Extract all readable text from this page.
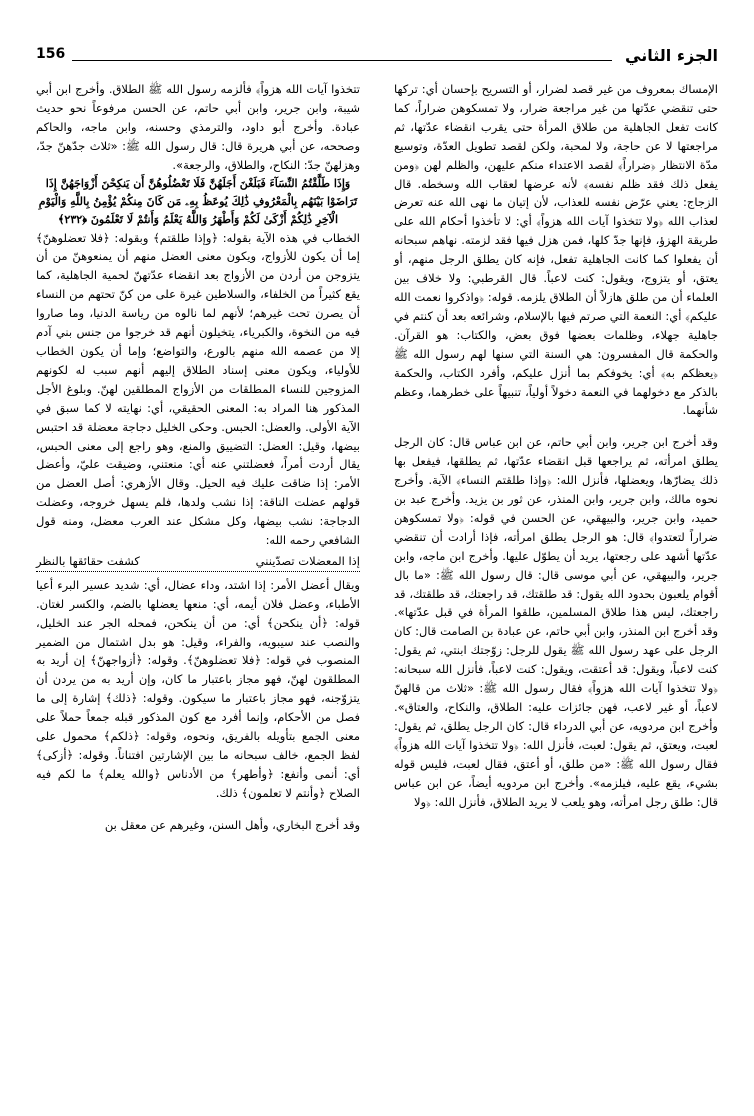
الجزء الثاني
156

الإمساك بمعروف من غير قصد لضرار، أو التسريح بإحسان أي: تركها حتى تنقضي عدّتها من غير مراجعة ضرار، ولا تمسكوهن ضراراً، كما كانت تفعل الجاهلية من طلاق المرأة حتى يقرب انقضاء عدّتها، ثم مراجعتها لا عن حاجة، ولا لمحبة، ولكن لقصد تطويل العدّة، وتوسيع مدّة الانتظار ﴿ضراراً﴾ لقصد الاعتداء منكم عليهن، والظلم لهن ﴿ومن يفعل ذلك فقد ظلم نفسه﴾ لأنه عرضها لعقاب الله وسخطه. قال الزجاج: يعني عرّض نفسه للعذاب، لأن إتيان ما نهى الله عنه تعرض لعذاب الله ﴿ولا تتخذوا آيات الله هزواً﴾ أي: لا تأخذوا أحكام الله على طريقة الهزؤ، فإنها جدّ كلها، فمن هزل فيها فقد لزمته. نهاهم سبحانه أن يفعلوا كما كانت الجاهلية تفعل، فإنه كان يطلق الرجل منهم، أو يعتق، أو يتزوج، ويقول: كنت لاعباً. قال القرطبي: ولا خلاف بين العلماء أن من طلق هازلاً أن الطلاق يلزمه. قوله: ﴿واذكروا نعمت الله عليكم﴾ أي: النعمة التي صرتم فيها بالإسلام، وشرائعه بعد أن كنتم في جاهلية جهلاء، وظلمات بعضها فوق بعض، والكتاب: هو القرآن. والحكمة قال المفسرون: هي السنة التي سنها لهم رسول الله ﷺ ﴿يعظكم به﴾ أي: يخوفكم بما أنزل عليكم، وأفرد الكتاب، والحكمة بالذكر مع دخولهما في النعمة دخولاً أولياً، تنبيهاً على خطرهما، وعظم شأنهما.

وقد أخرج ابن جرير، وابن أبي حاتم، عن ابن عباس قال: كان الرجل يطلق امرأته، ثم يراجعها قبل انقضاء عدّتها، ثم يطلقها، فيفعل بها ذلك يضارّها، ويعضلها، فأنزل الله: ﴿وإذا طلقتم النساء﴾ الآية. وأخرج نحوه مالك، وابن جرير، وابن المنذر، عن ثور بن يزيد. وأخرج عبد بن حميد، وابن جرير، والبيهقي، عن الحسن في قوله: ﴿ولا تمسكوهن ضراراً لتعتدوا﴾ قال: هو الرجل يطلق امرأته، فإذا أرادت أن تنقضي عدّتها أشهد على رجعتها، يريد أن يطوّل عليها. وأخرج ابن ماجه، وابن جرير، والبيهقي، عن أبي موسى قال: قال رسول الله ﷺ: «ما بال أقوام يلعبون بحدود الله يقول: قد طلقتك، قد راجعتك، قد طلقتك، قد راجعتك، ليس هذا طلاق المسلمين، طلقوا المرأة في قبل عدّتها». وقد أخرج ابن المنذر، وابن أبي حاتم، عن عبادة بن الصامت قال: كان الرجل على عهد رسول الله ﷺ يقول للرجل: زوّجتك ابنتي، ثم يقول: كنت لاعباً، ويقول: قد أعتقت، ويقول: كنت لاعباً، فأنزل الله سبحانه: ﴿ولا تتخذوا آيات الله هزواً﴾ فقال رسول الله ﷺ: «ثلاث من قالهنّ لاعباً، أو غير لاعب، فهن جائزات عليه: الطلاق، والنكاح، والعتاق». وأخرج ابن مردويه، عن أبي الدرداء قال: كان الرجل يطلق، ثم يقول: لعبت، ويعتق، ثم يقول: لعبت، فأنزل الله: ﴿ولا تتخذوا آيات الله هزواً﴾ فقال رسول الله ﷺ: «من طلق، أو أعتق، فقال لعبت، فليس قوله بشيء، يقع عليه، فيلزمه». وأخرج ابن مردويه أيضاً، عن ابن عباس قال: طلق رجل امرأته، وهو يلعب لا يريد الطلاق، فأنزل الله: ﴿ولا

تتخذوا آيات الله هزواً﴾ فألزمه رسول الله ﷺ الطلاق. وأخرج ابن أبي شيبة، وابن جرير، وابن أبي حاتم، عن الحسن مرفوعاً نحو حديث عبادة. وأخرج أبو داود، والترمذي وحسنه، وابن ماجه، والحاكم وصححه، عن أبي هريرة قال: قال رسول الله ﷺ: «ثلاث جدّهنّ جدّ، وهزلهنّ جدّ: النكاح، والطلاق، والرجعة».

وَإِذَا طَلَّقْتُمُ النِّسَآءَ فَبَلَغْنَ أَجَلَهُنَّ فَلَا تَعْضُلُوهُنَّ أَن يَنكِحْنَ أَزْوَاجَهُنَّ إِذَا تَرَاضَوْا بَيْنَهُم بِالْمَعْرُوفِ ذَٰلِكَ يُوعَظُ بِهِۦ مَن كَانَ مِنكُمْ يُؤْمِنُ بِاللَّهِ وَالْيَوْمِ الْآخِرِ ذَٰلِكُمْ أَزْكَىٰ لَكُمْ وَأَطْهَرُ وَاللَّهُ يَعْلَمُ وَأَنتُمْ لَا تَعْلَمُونَ ﴿٢٣٢﴾

الخطاب في هذه الآية بقوله: ﴿وإذا طلقتم﴾ وبقوله: ﴿فلا تعضلوهنّ﴾ إما أن يكون للأزواج، ويكون معنى العضل منهم أن يمنعوهنّ من أن يتزوجن من أردن من الأزواج بعد انقضاء عدّتهنّ لحمية الجاهلية، كما يقع كثيراً من الخلفاء، والسلاطين غيرة على من كنّ تحتهم من النساء أن يصرن تحت غيرهم؛ لأنهم لما نالوه من رياسة الدنيا، وما صاروا فيه من النخوة، والكبرياء، يتخيلون أنهم قد خرجوا من جنس بني آدم إلا من عصمه الله منهم بالورع، والتواضع؛ وإما أن يكون الخطاب للأولياء، ويكون معنى إسناد الطلاق إليهم أنهم سبب له لكونهم المزوجين للنساء المطلقات من الأزواج المطلقين لهنّ. وبلوغ الأجل المذكور هنا المراد به: المعنى الحقيقي، أي: نهايته لا كما سبق في الآية الأولى. والعضل: الحبس. وحكى الخليل دجاجة معضلة قد احتبس بيضها، وقيل: العضل: التضييق والمنع، وهو راجع إلى معنى الحبس، يقال أردت أمراً، فعضلتني عنه أي: منعتني، وضيقت عليّ، وأعضل الأمر: إذا ضاقت عليك فيه الحيل. وقال الأزهري: أصل العضل من قولهم عضلت الناقة: إذا نشب ولدها، فلم يسهل خروجه، وعضلت الدجاجة: نشب بيضها، وكل مشكل عند العرب معضل، ومنه قول الشافعي رحمه الله:

إذا المعضلات تصدّينني
كشفت حقائقها بالنظر

ويقال أعضل الأمر: إذا اشتد، وداء عضال، أي: شديد عسير البرء أعيا الأطباء، وعضل فلان أيمه، أي: منعها يعضلها بالضم، والكسر لغتان. قوله: ﴿أن ينكحن﴾ أي: من أن ينكحن، فمحله الجر عند الخليل، والنصب عند سيبويه، والفراء، وقيل: هو بدل اشتمال من الضمير المنصوب في قوله: ﴿فلا تعضلوهنّ﴾. وقوله: ﴿أزواجهنّ﴾ إن أريد به المطلقون لهنّ، فهو مجاز باعتبار ما كان، وإن أريد به من يردن أن يتزوّجنه، فهو مجاز باعتبار ما سيكون. وقوله: ﴿ذلك﴾ إشارة إلى ما فصل من الأحكام، وإنما أفرد مع كون المذكور قبله جمعاً حملاً على معنى الجمع بتأويله بالفريق، ونحوه، وقوله: ﴿ذلكم﴾ محمول على لفظ الجمع، خالف سبحانه ما بين الإشارتين افتناناً. وقوله: ﴿أزكى﴾ أي: أنمى وأنفع: ﴿وأطهر﴾ من الأدناس ﴿والله يعلم﴾ ما لكم فيه الصلاح ﴿وأنتم لا تعلمون﴾ ذلك.

وقد أخرج البخاري، وأهل السنن، وغيرهم عن معقل بن
